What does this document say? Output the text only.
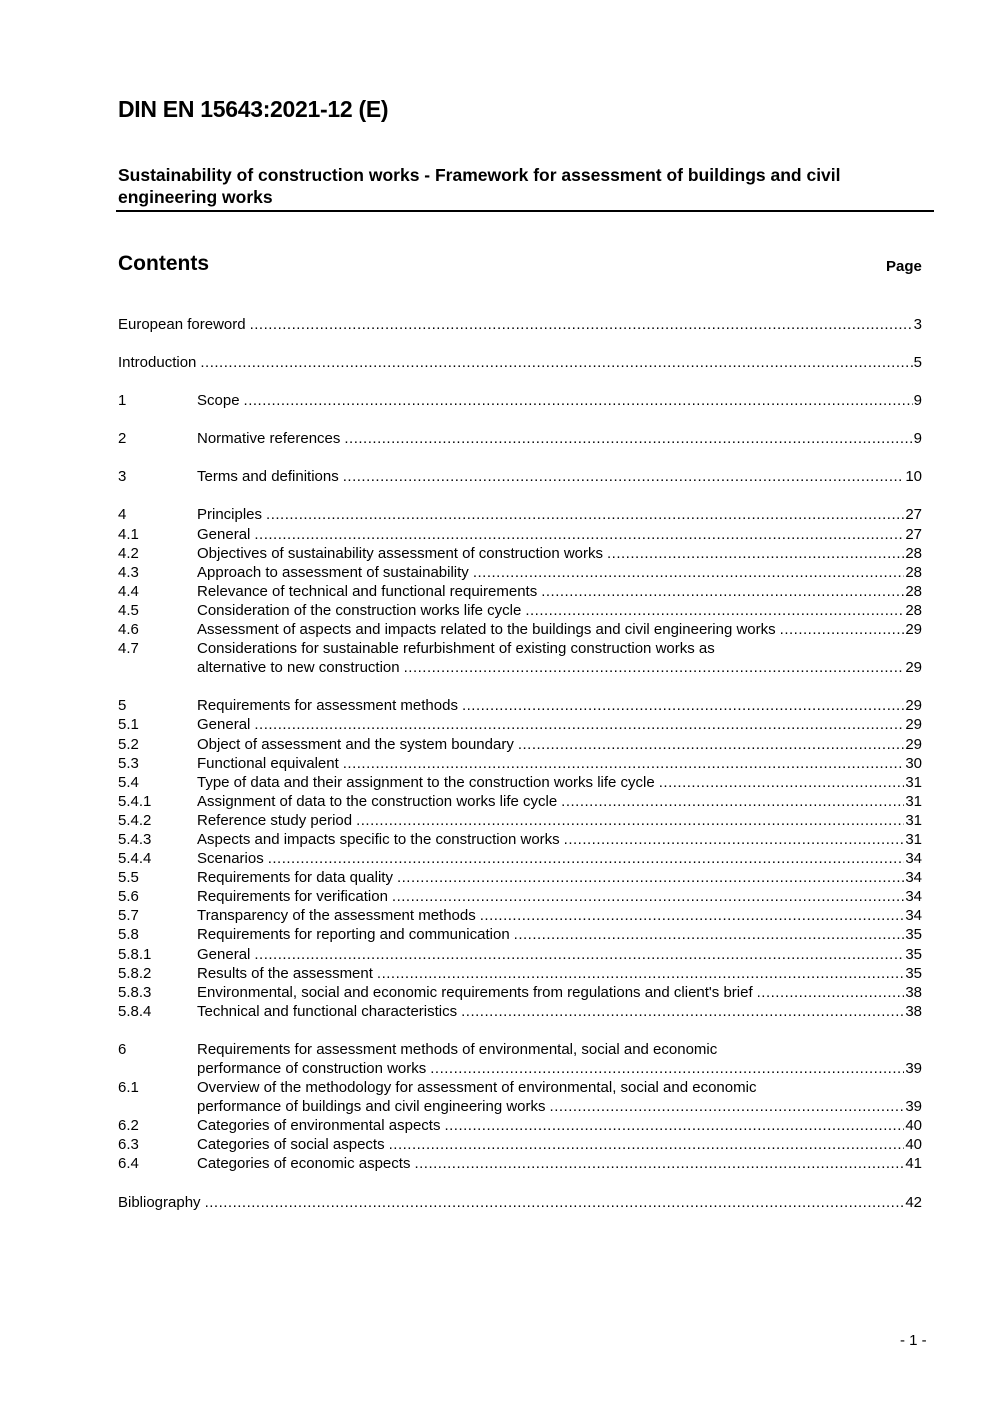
DIN EN 15643:2021-12 (E)
Sustainability of construction works - Framework for assessment of buildings and civil engineering works
Contents	Page
European foreword .....	3
Introduction .....	5
1	Scope .....	9
2	Normative references .....	9
3	Terms and definitions .....	10
4	Principles .....	27
4.1	General .....	27
4.2	Objectives of sustainability assessment of construction works .....	28
4.3	Approach to assessment of sustainability .....	28
4.4	Relevance of technical and functional requirements .....	28
4.5	Consideration of the construction works life cycle .....	28
4.6	Assessment of aspects and impacts related to the buildings and civil engineering works .....	29
4.7	Considerations for sustainable refurbishment of existing construction works as
alternative to new construction .....	29
5	Requirements for assessment methods .....	29
5.1	General .....	29
5.2	Object of assessment and the system boundary .....	29
5.3	Functional equivalent .....	30
5.4	Type of data and their assignment to the construction works life cycle .....	31
5.4.1	Assignment of data to the construction works life cycle .....	31
5.4.2	Reference study period .....	31
5.4.3	Aspects and impacts specific to the construction works .....	31
5.4.4	Scenarios .....	34
5.5	Requirements for data quality .....	34
5.6	Requirements for verification .....	34
5.7	Transparency of the assessment methods .....	34
5.8	Requirements for reporting and communication .....	35
5.8.1	General .....	35
5.8.2	Results of the assessment .....	35
5.8.3	Environmental, social and economic requirements from regulations and client's brief .....	38
5.8.4	Technical and functional characteristics .....	38
6	Requirements for assessment methods of environmental, social and economic
performance of construction works .....	39
6.1	Overview of the methodology for assessment of environmental, social and economic
performance of buildings and civil engineering works .....	39
6.2	Categories of environmental aspects .....	40
6.3	Categories of social aspects .....	40
6.4	Categories of economic aspects .....	41
Bibliography .....	42
- 1 -
